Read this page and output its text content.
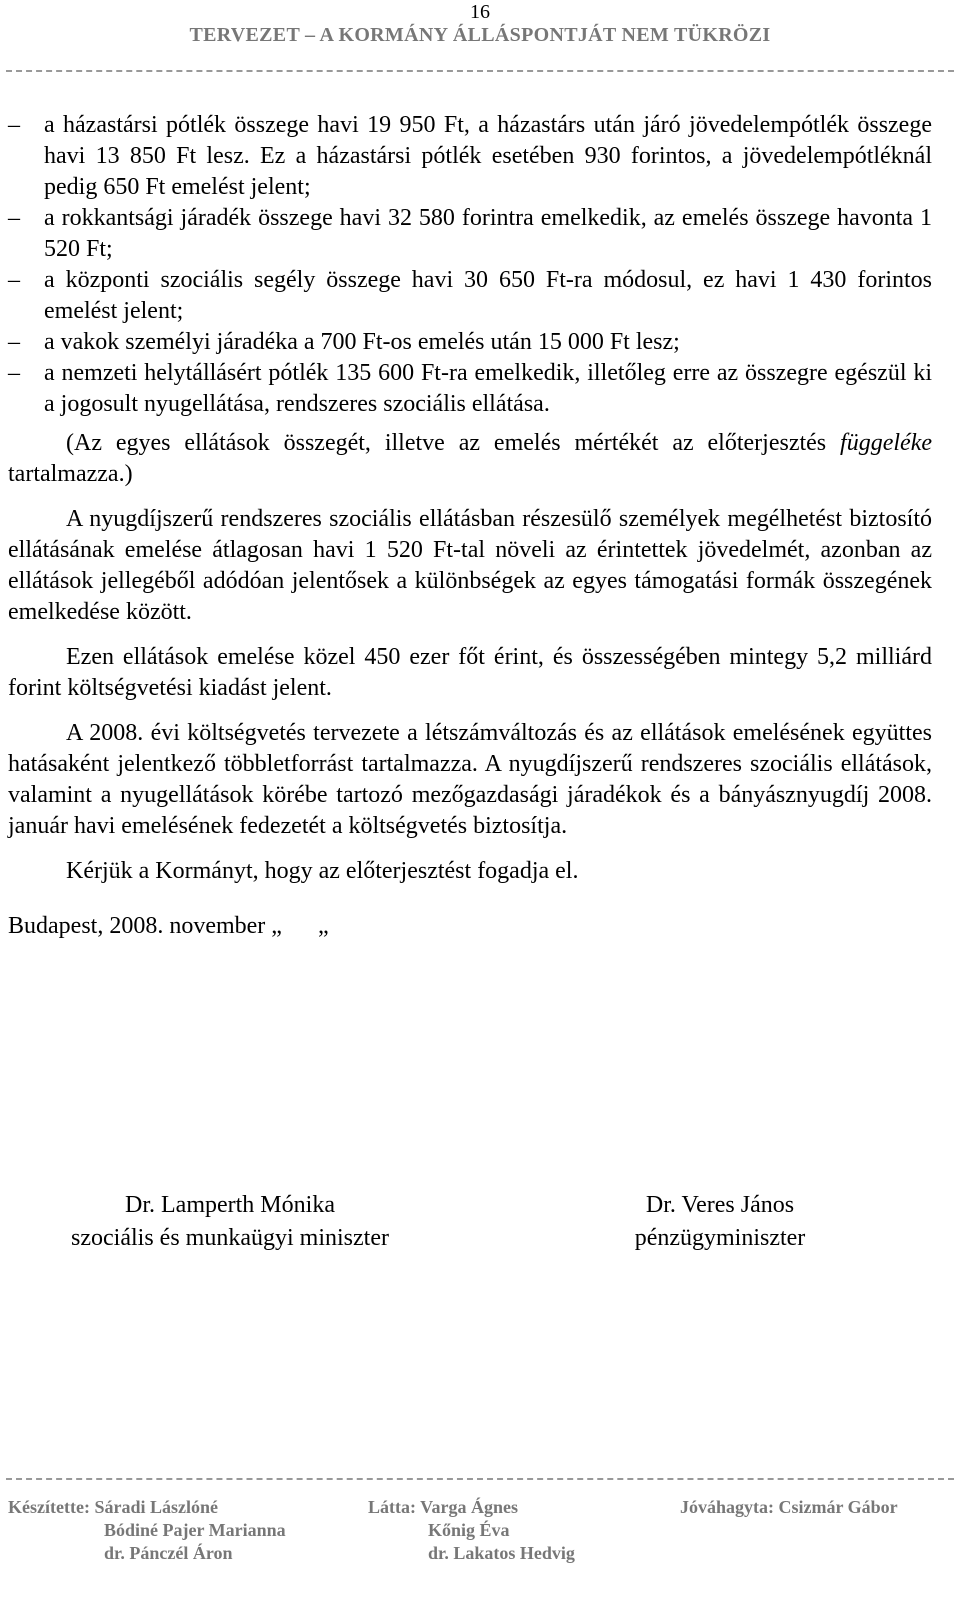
16
TERVEZET – A KORMÁNY ÁLLÁSPONTJÁT NEM TÜKRÖZI
– a házastársi pótlék összege havi 19 950 Ft, a házastárs után járó jövedelempótlék összege havi 13 850 Ft lesz. Ez a házastársi pótlék esetében 930 forintos, a jövedelempótléknál pedig 650 Ft emelést jelent;
– a rokkantsági járadék összege havi 32 580 forintra emelkedik, az emelés összege havonta 1 520 Ft;
– a központi szociális segély összege havi 30 650 Ft-ra módosul, ez havi 1 430 forintos emelést jelent;
– a vakok személyi járadéka a 700 Ft-os emelés után 15 000 Ft lesz;
– a nemzeti helytállásért pótlék 135 600 Ft-ra emelkedik, illetőleg erre az összegre egészül ki a jogosult nyugellátása, rendszeres szociális ellátása.

(Az egyes ellátások összegét, illetve az emelés mértékét az előterjesztés függeléke tartalmazza.)

A nyugdíjszerű rendszeres szociális ellátásban részesülő személyek megélhetést biztosító ellátásának emelése átlagosan havi 1 520 Ft-tal növeli az érintettek jövedelmét, azonban az ellátások jellegéből adódóan jelentősek a különbségek az egyes támogatási formák összegének emelkedése között.

Ezen ellátások emelése közel 450 ezer főt érint, és összességében mintegy 5,2 milliárd forint költségvetési kiadást jelent.

A 2008. évi költségvetés tervezete a létszámváltozás és az ellátások emelésének együttes hatásaként jelentkező többletforrást tartalmazza. A nyugdíjszerű rendszeres szociális ellátások, valamint a nyugellátások körébe tartozó mezőgazdasági járadékok és a bányásznyugdíj 2008. január havi emelésének fedezetét a költségvetés biztosítja.

Kérjük a Kormányt, hogy az előterjesztést fogadja el.

Budapest, 2008. november „      „

Dr. Lamperth Mónika
szociális és munkaügyi miniszter
Dr. Veres János
pénzügyminiszter
Készítette: Sáradi Lászlóné
Bódiné Pajer Marianna
dr. Pánczél Áron
Látta: Varga Ágnes
Kőnig Éva
dr. Lakatos Hedvig
Jóváhagyta: Csizmár Gábor
